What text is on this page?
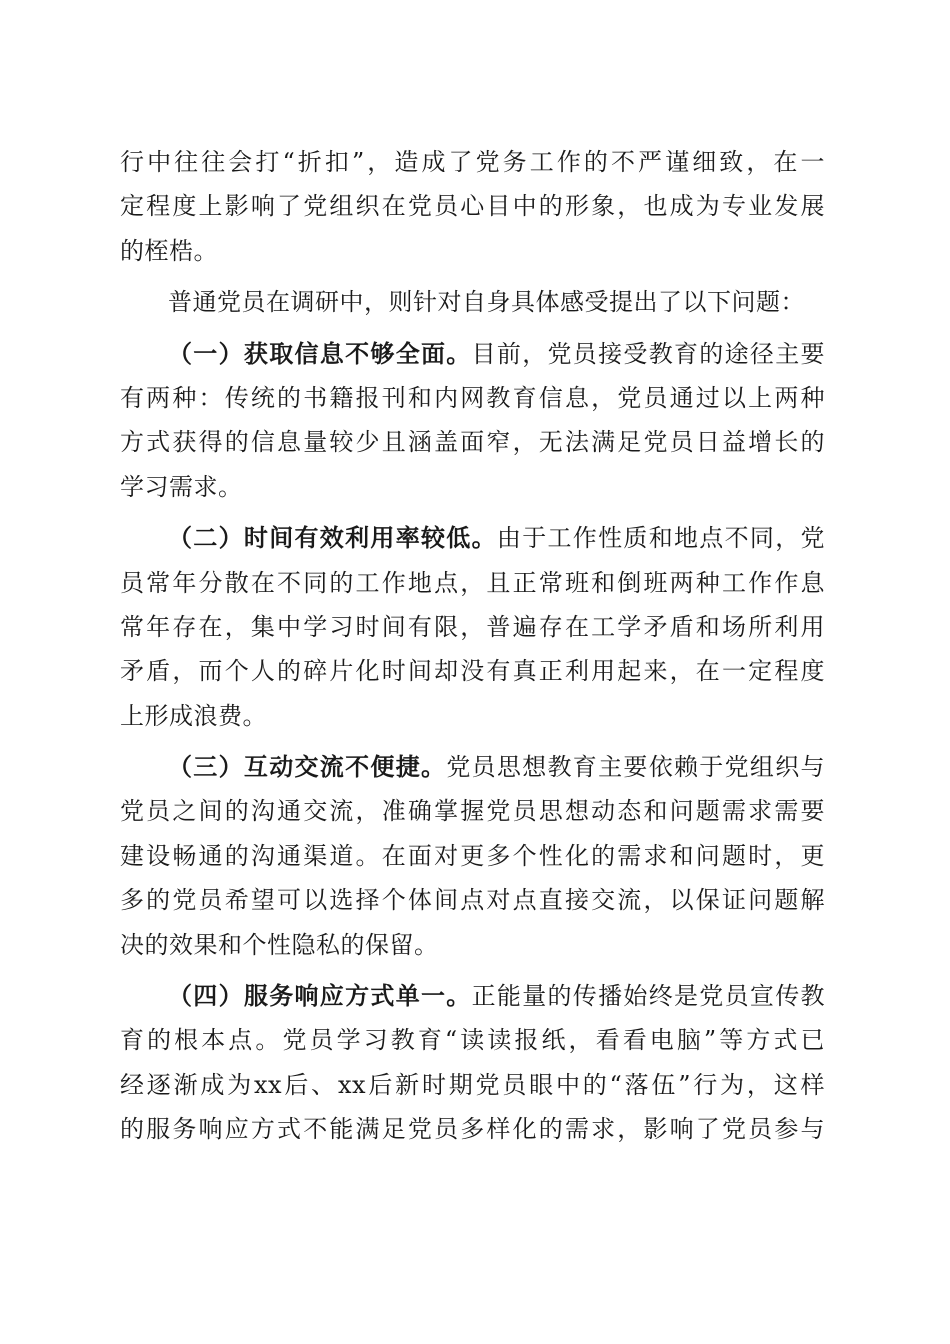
行中往往会打“折扣”，造成了党务工作的不严谨细致，在一
定程度上影响了党组织在党员心目中的形象，也成为专业发展
的桎梏。
普通党员在调研中，则针对自身具体感受提出了以下问题：
（一）获取信息不够全面。目前，党员接受教育的途径主要
有两种：传统的书籍报刊和内网教育信息，党员通过以上两种
方式获得的信息量较少且涵盖面窄，无法满足党员日益增长的
学习需求。
（二）时间有效利用率较低。由于工作性质和地点不同，党
员常年分散在不同的工作地点，且正常班和倒班两种工作作息
常年存在，集中学习时间有限，普遍存在工学矛盾和场所利用
矛盾，而个人的碎片化时间却没有真正利用起来，在一定程度
上形成浪费。
（三）互动交流不便捷。党员思想教育主要依赖于党组织与
党员之间的沟通交流，准确掌握党员思想动态和问题需求需要
建设畅通的沟通渠道。在面对更多个性化的需求和问题时，更
多的党员希望可以选择个体间点对点直接交流，以保证问题解
决的效果和个性隐私的保留。
（四）服务响应方式单一。正能量的传播始终是党员宣传教
育的根本点。党员学习教育“读读报纸，看看电脑”等方式已
经逐渐成为xx后、xx后新时期党员眼中的“落伍”行为，这样
的服务响应方式不能满足党员多样化的需求，影响了党员参与
